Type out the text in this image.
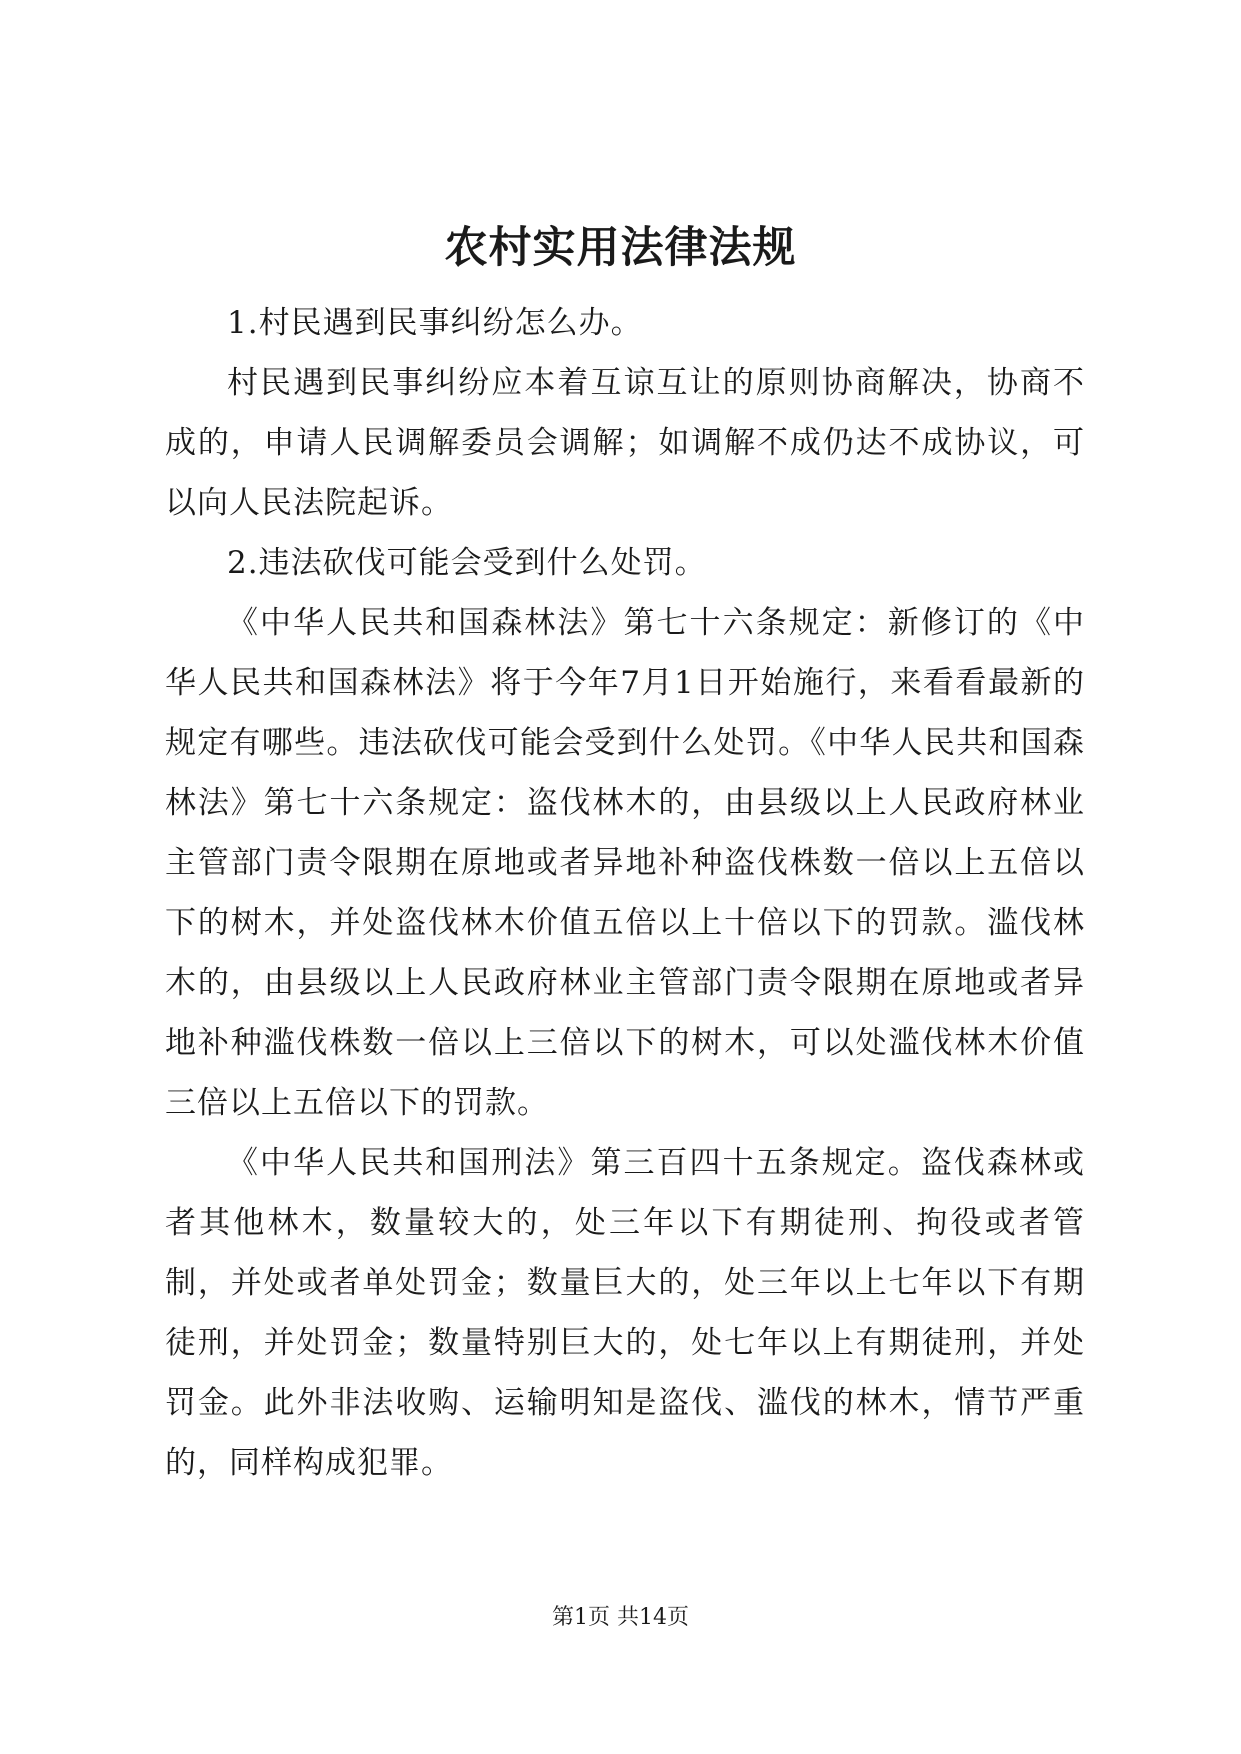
农村实用法律法规

1.村民遇到民事纠纷怎么办。

村民遇到民事纠纷应本着互谅互让的原则协商解决，协商不成的，申请人民调解委员会调解；如调解不成仍达不成协议，可以向人民法院起诉。

2.违法砍伐可能会受到什么处罚。

《中华人民共和国森林法》第七十六条规定：新修订的《中华人民共和国森林法》将于今年7月1日开始施行，来看看最新的规定有哪些。违法砍伐可能会受到什么处罚。《中华人民共和国森林法》第七十六条规定：盗伐林木的，由县级以上人民政府林业主管部门责令限期在原地或者异地补种盗伐株数一倍以上五倍以下的树木，并处盗伐林木价值五倍以上十倍以下的罚款。滥伐林木的，由县级以上人民政府林业主管部门责令限期在原地或者异地补种滥伐株数一倍以上三倍以下的树木，可以处滥伐林木价值三倍以上五倍以下的罚款。

《中华人民共和国刑法》第三百四十五条规定。盗伐森林或者其他林木，数量较大的，处三年以下有期徒刑、拘役或者管制，并处或者单处罚金；数量巨大的，处三年以上七年以下有期徒刑，并处罚金；数量特别巨大的，处七年以上有期徒刑，并处罚金。此外非法收购、运输明知是盗伐、滥伐的林木，情节严重的，同样构成犯罪。

第1页 共14页
